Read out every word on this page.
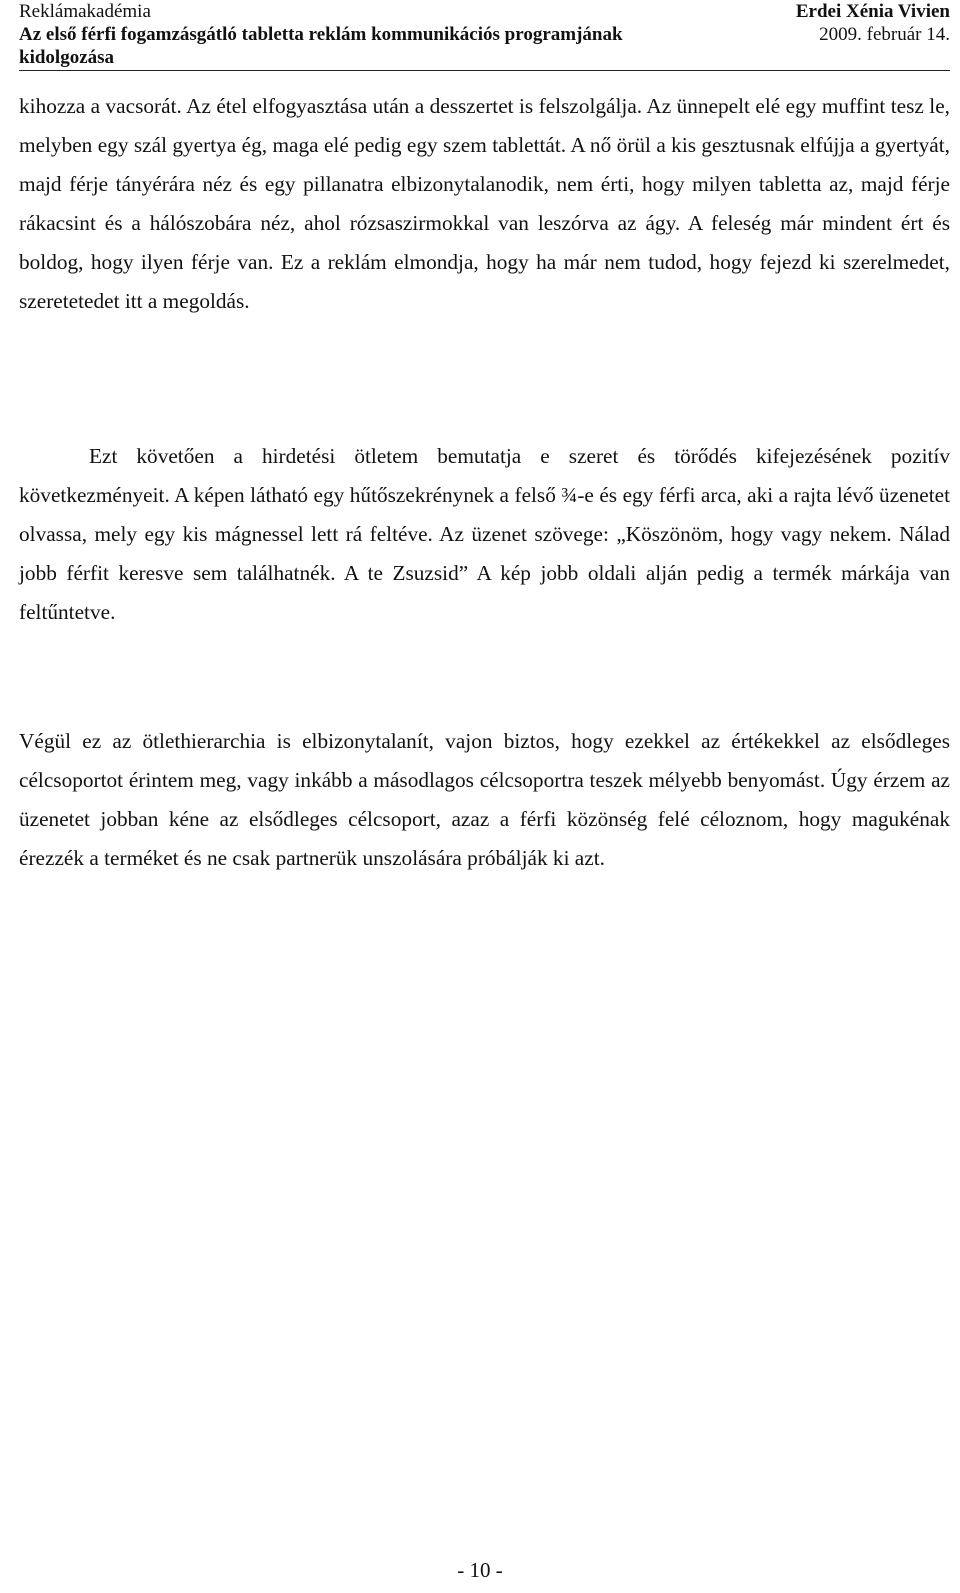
Reklámakadémia	Erdei Xénia Vivien
Az első férfi fogamzásgátló tabletta reklám kommunikációs programjának	2009. február 14.
kidolgozása

kihozza a vacsorát. Az étel elfogyasztása után a desszertet is felszolgálja. Az ünnepelt elé egy muffint tesz le, melyben egy szál gyertya ég, maga elé pedig egy szem tablettát. A nő örül a kis gesztusnak elfújja a gyertyát, majd férje tányérára néz és egy pillanatra elbizonytalanodik, nem érti, hogy milyen tabletta az, majd férje rákacsint és a hálószobára néz, ahol rózsaszirmokkal van leszórva az ágy. A feleség már mindent ért és boldog, hogy ilyen férje van. Ez a reklám elmondja, hogy ha már nem tudod, hogy fejezd ki szerelmedet, szeretetedet itt a megoldás.

Ezt követően a hirdetési ötletem bemutatja e szeret és törődés kifejezésének pozitív következményeit. A képen látható egy hűtőszekrénynek a felső ¾-e és egy férfi arca, aki a rajta lévő üzenetet olvassa, mely egy kis mágnessel lett rá feltéve. Az üzenet szövege: „Köszönöm, hogy vagy nekem. Nálad jobb férfit keresve sem találhatnék. A te Zsuzsid” A kép jobb oldali alján pedig a termék márkája van feltűntetve.

Végül ez az ötlethierarchia is elbizonytalanít, vajon biztos, hogy ezekkel az értékekkel az elsődleges célcsoportot érintem meg, vagy inkább a másodlagos célcsoportra teszek mélyebb benyomást. Úgy érzem az üzenetet jobban kéne az elsődleges célcsoport, azaz a férfi közönség felé céloznom, hogy magukénak érezzék a terméket és ne csak partnerük unszolására próbálják ki azt.

- 10 -
